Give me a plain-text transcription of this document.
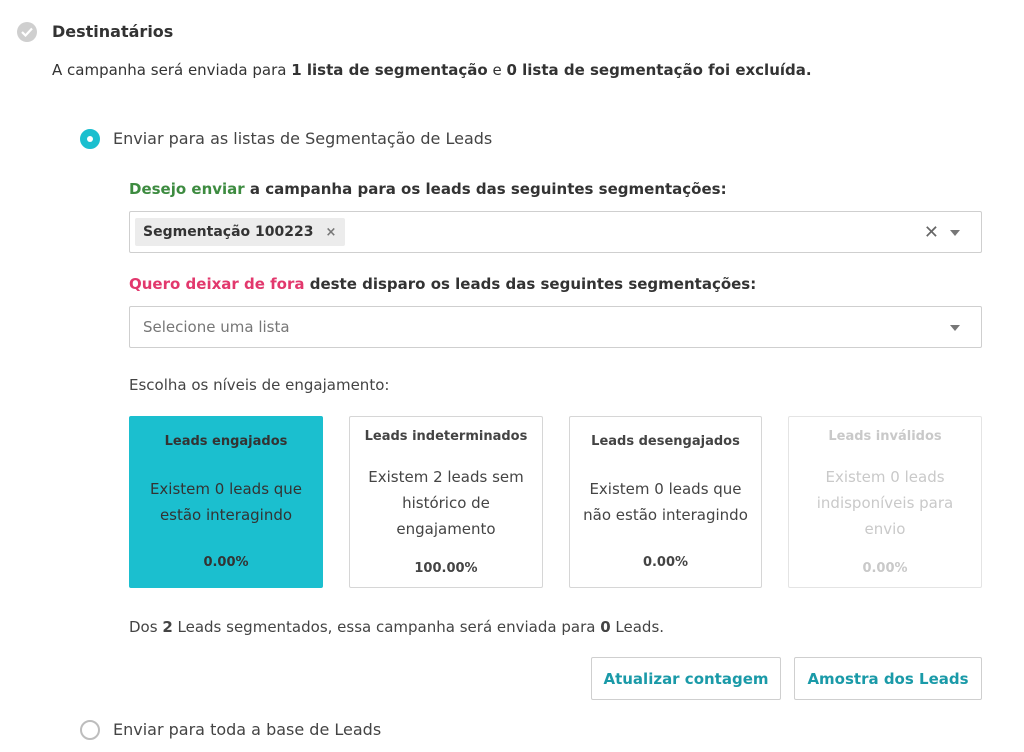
Destinatários
A campanha será enviada para 1 lista de segmentação e 0 lista de segmentação foi excluída.
Enviar para as listas de Segmentação de Leads
Desejo enviar a campanha para os leads das seguintes segmentações:
Segmentação 100223 ×	✕
Quero deixar de fora deste disparo os leads das seguintes segmentações:
Selecione uma lista
Escolha os níveis de engajamento:
Leads engajados
Existem 0 leads que estão interagindo
0.00%
Leads indeterminados
Existem 2 leads sem histórico de engajamento
100.00%
Leads desengajados
Existem 0 leads que não estão interagindo
0.00%
Leads inválidos
Existem 0 leads indisponíveis para envio
0.00%
Dos 2 Leads segmentados, essa campanha será enviada para 0 Leads.
Atualizar contagem	Amostra dos Leads
Enviar para toda a base de Leads
